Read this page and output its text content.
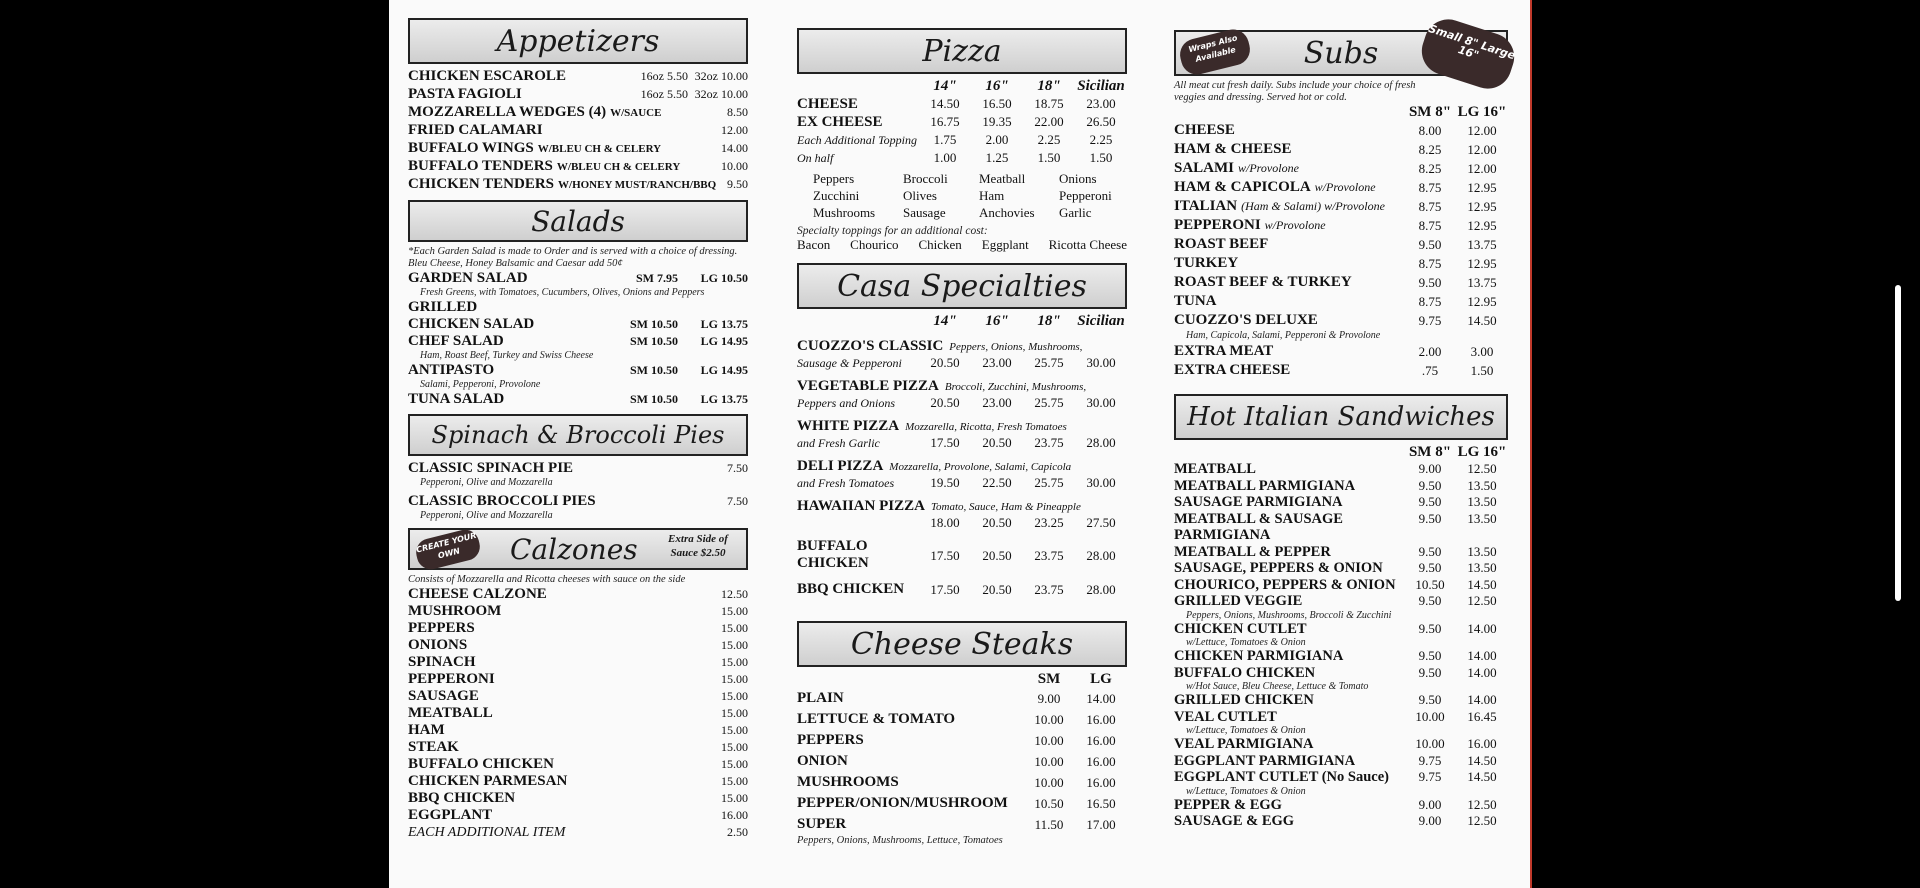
Appetizers
CHICKEN ESCAROLE	16oz 5.50 32oz 10.00
PASTA FAGIOLI	16oz 5.50 32oz 10.00
MOZZARELLA WEDGES (4) W/SAUCE	8.50
FRIED CALAMARI	12.00
BUFFALO WINGS W/BLEU CH & CELERY	14.00
BUFFALO TENDERS W/BLEU CH & CELERY	10.00
CHICKEN TENDERS W/HONEY MUST/RANCH/BBQ 9.50
Salads
*Each Garden Salad is made to Order and is served with a choice of dressing. Bleu Cheese, Honey Balsamic and Caesar add 50¢
GARDEN SALAD	SM 7.95	LG 10.50
Fresh Greens, with Tomatoes, Cucumbers, Olives, Onions and Peppers
GRILLED
CHICKEN SALAD	SM 10.50	LG 13.75
CHEF SALAD	SM 10.50	LG 14.95
Ham, Roast Beef, Turkey and Swiss Cheese
ANTIPASTO	SM 10.50	LG 14.95
Salami, Pepperoni, Provolone
TUNA SALAD	SM 10.50	LG 13.75
Spinach & Broccoli Pies
CLASSIC SPINACH PIE	7.50
Pepperoni, Olive and Mozzarella
CLASSIC BROCCOLI PIES	7.50
Pepperoni, Olive and Mozzarella
CREATE YOUR OWN	Calzones	Extra Side of Sauce $2.50
Consists of Mozzarella and Ricotta cheeses with sauce on the side
CHEESE CALZONE	12.50
MUSHROOM	15.00
PEPPERS	15.00
ONIONS	15.00
SPINACH	15.00
PEPPERONI	15.00
SAUSAGE	15.00
MEATBALL	15.00
HAM	15.00
STEAK	15.00
BUFFALO CHICKEN	15.00
CHICKEN PARMESAN	15.00
BBQ CHICKEN	15.00
EGGPLANT	16.00
EACH ADDITIONAL ITEM	2.50
Pizza
14"	16"	18"	Sicilian
CHEESE	14.50	16.50	18.75	23.00
EX CHEESE	16.75	19.35	22.00	26.50
Each Additional Topping	1.75	2.00	2.25	2.25
On half	1.00	1.25	1.50	1.50
Peppers	Broccoli	Meatball	Onions
Zucchini	Olives	Ham	Pepperoni
Mushrooms	Sausage	Anchovies	Garlic
Specialty toppings for an additional cost:
Bacon Chourico Chicken Eggplant Ricotta Cheese
Casa Specialties
14"	16"	18"	Sicilian
CUOZZO'S CLASSIC Peppers, Onions, Mushrooms,
Sausage & Pepperoni	20.50	23.00	25.75	30.00
VEGETABLE PIZZA Broccoli, Zucchini, Mushrooms,
Peppers and Onions	20.50	23.00	25.75	30.00
WHITE PIZZA Mozzarella, Ricotta, Fresh Tomatoes
and Fresh Garlic	17.50	20.50	23.75	28.00
DELI PIZZA Mozzarella, Provolone, Salami, Capicola
and Fresh Tomatoes	19.50	22.50	25.75	30.00
HAWAIIAN PIZZA Tomato, Sauce, Ham & Pineapple
18.00	20.50	23.25	27.50
BUFFALO CHICKEN	17.50	20.50	23.75	28.00
BBQ CHICKEN	17.50	20.50	23.75	28.00
Cheese Steaks
SM	LG
PLAIN	9.00	14.00
LETTUCE & TOMATO	10.00	16.00
PEPPERS	10.00	16.00
ONION	10.00	16.00
MUSHROOMS	10.00	16.00
PEPPER/ONION/MUSHROOM	10.50	16.50
SUPER	11.50	17.00
Peppers, Onions, Mushrooms, Lettuce, Tomatoes
Wraps Also Available	Subs	Small 8" Large 16"
All meat cut fresh daily. Subs include your choice of fresh veggies and dressing. Served hot or cold.
SM 8" LG 16"
CHEESE	8.00	12.00
HAM & CHEESE	8.25	12.00
SALAMI w/Provolone	8.25	12.00
HAM & CAPICOLA w/Provolone	8.75	12.95
ITALIAN (Ham & Salami) w/Provolone	8.75	12.95
PEPPERONI w/Provolone	8.75	12.95
ROAST BEEF	9.50	13.75
TURKEY	8.75	12.95
ROAST BEEF & TURKEY	9.50	13.75
TUNA	8.75	12.95
CUOZZO'S DELUXE	9.75	14.50
Ham, Capicola, Salami, Pepperoni & Provolone
EXTRA MEAT	2.00	3.00
EXTRA CHEESE	.75	1.50
Hot Italian Sandwiches
SM 8" LG 16"
MEATBALL	9.00	12.50
MEATBALL PARMIGIANA	9.50	13.50
SAUSAGE PARMIGIANA	9.50	13.50
MEATBALL & SAUSAGE	9.50	13.50
PARMIGIANA
MEATBALL & PEPPER	9.50	13.50
SAUSAGE, PEPPERS & ONION	9.50	13.50
CHOURICO, PEPPERS & ONION	10.50	14.50
GRILLED VEGGIE	9.50	12.50
Peppers, Onions, Mushrooms, Broccoli & Zucchini
CHICKEN CUTLET	9.50	14.00
w/Lettuce, Tomatoes & Onion
CHICKEN PARMIGIANA	9.50	14.00
BUFFALO CHICKEN	9.50	14.00
w/Hot Sauce, Bleu Cheese, Lettuce & Tomato
GRILLED CHICKEN	9.50	14.00
VEAL CUTLET	10.00	16.45
w/Lettuce, Tomatoes & Onion
VEAL PARMIGIANA	10.00	16.00
EGGPLANT PARMIGIANA	9.75	14.50
EGGPLANT CUTLET (No Sauce)	9.75	14.50
w/Lettuce, Tomatoes & Onion
PEPPER & EGG	9.00	12.50
SAUSAGE & EGG	9.00	12.50
